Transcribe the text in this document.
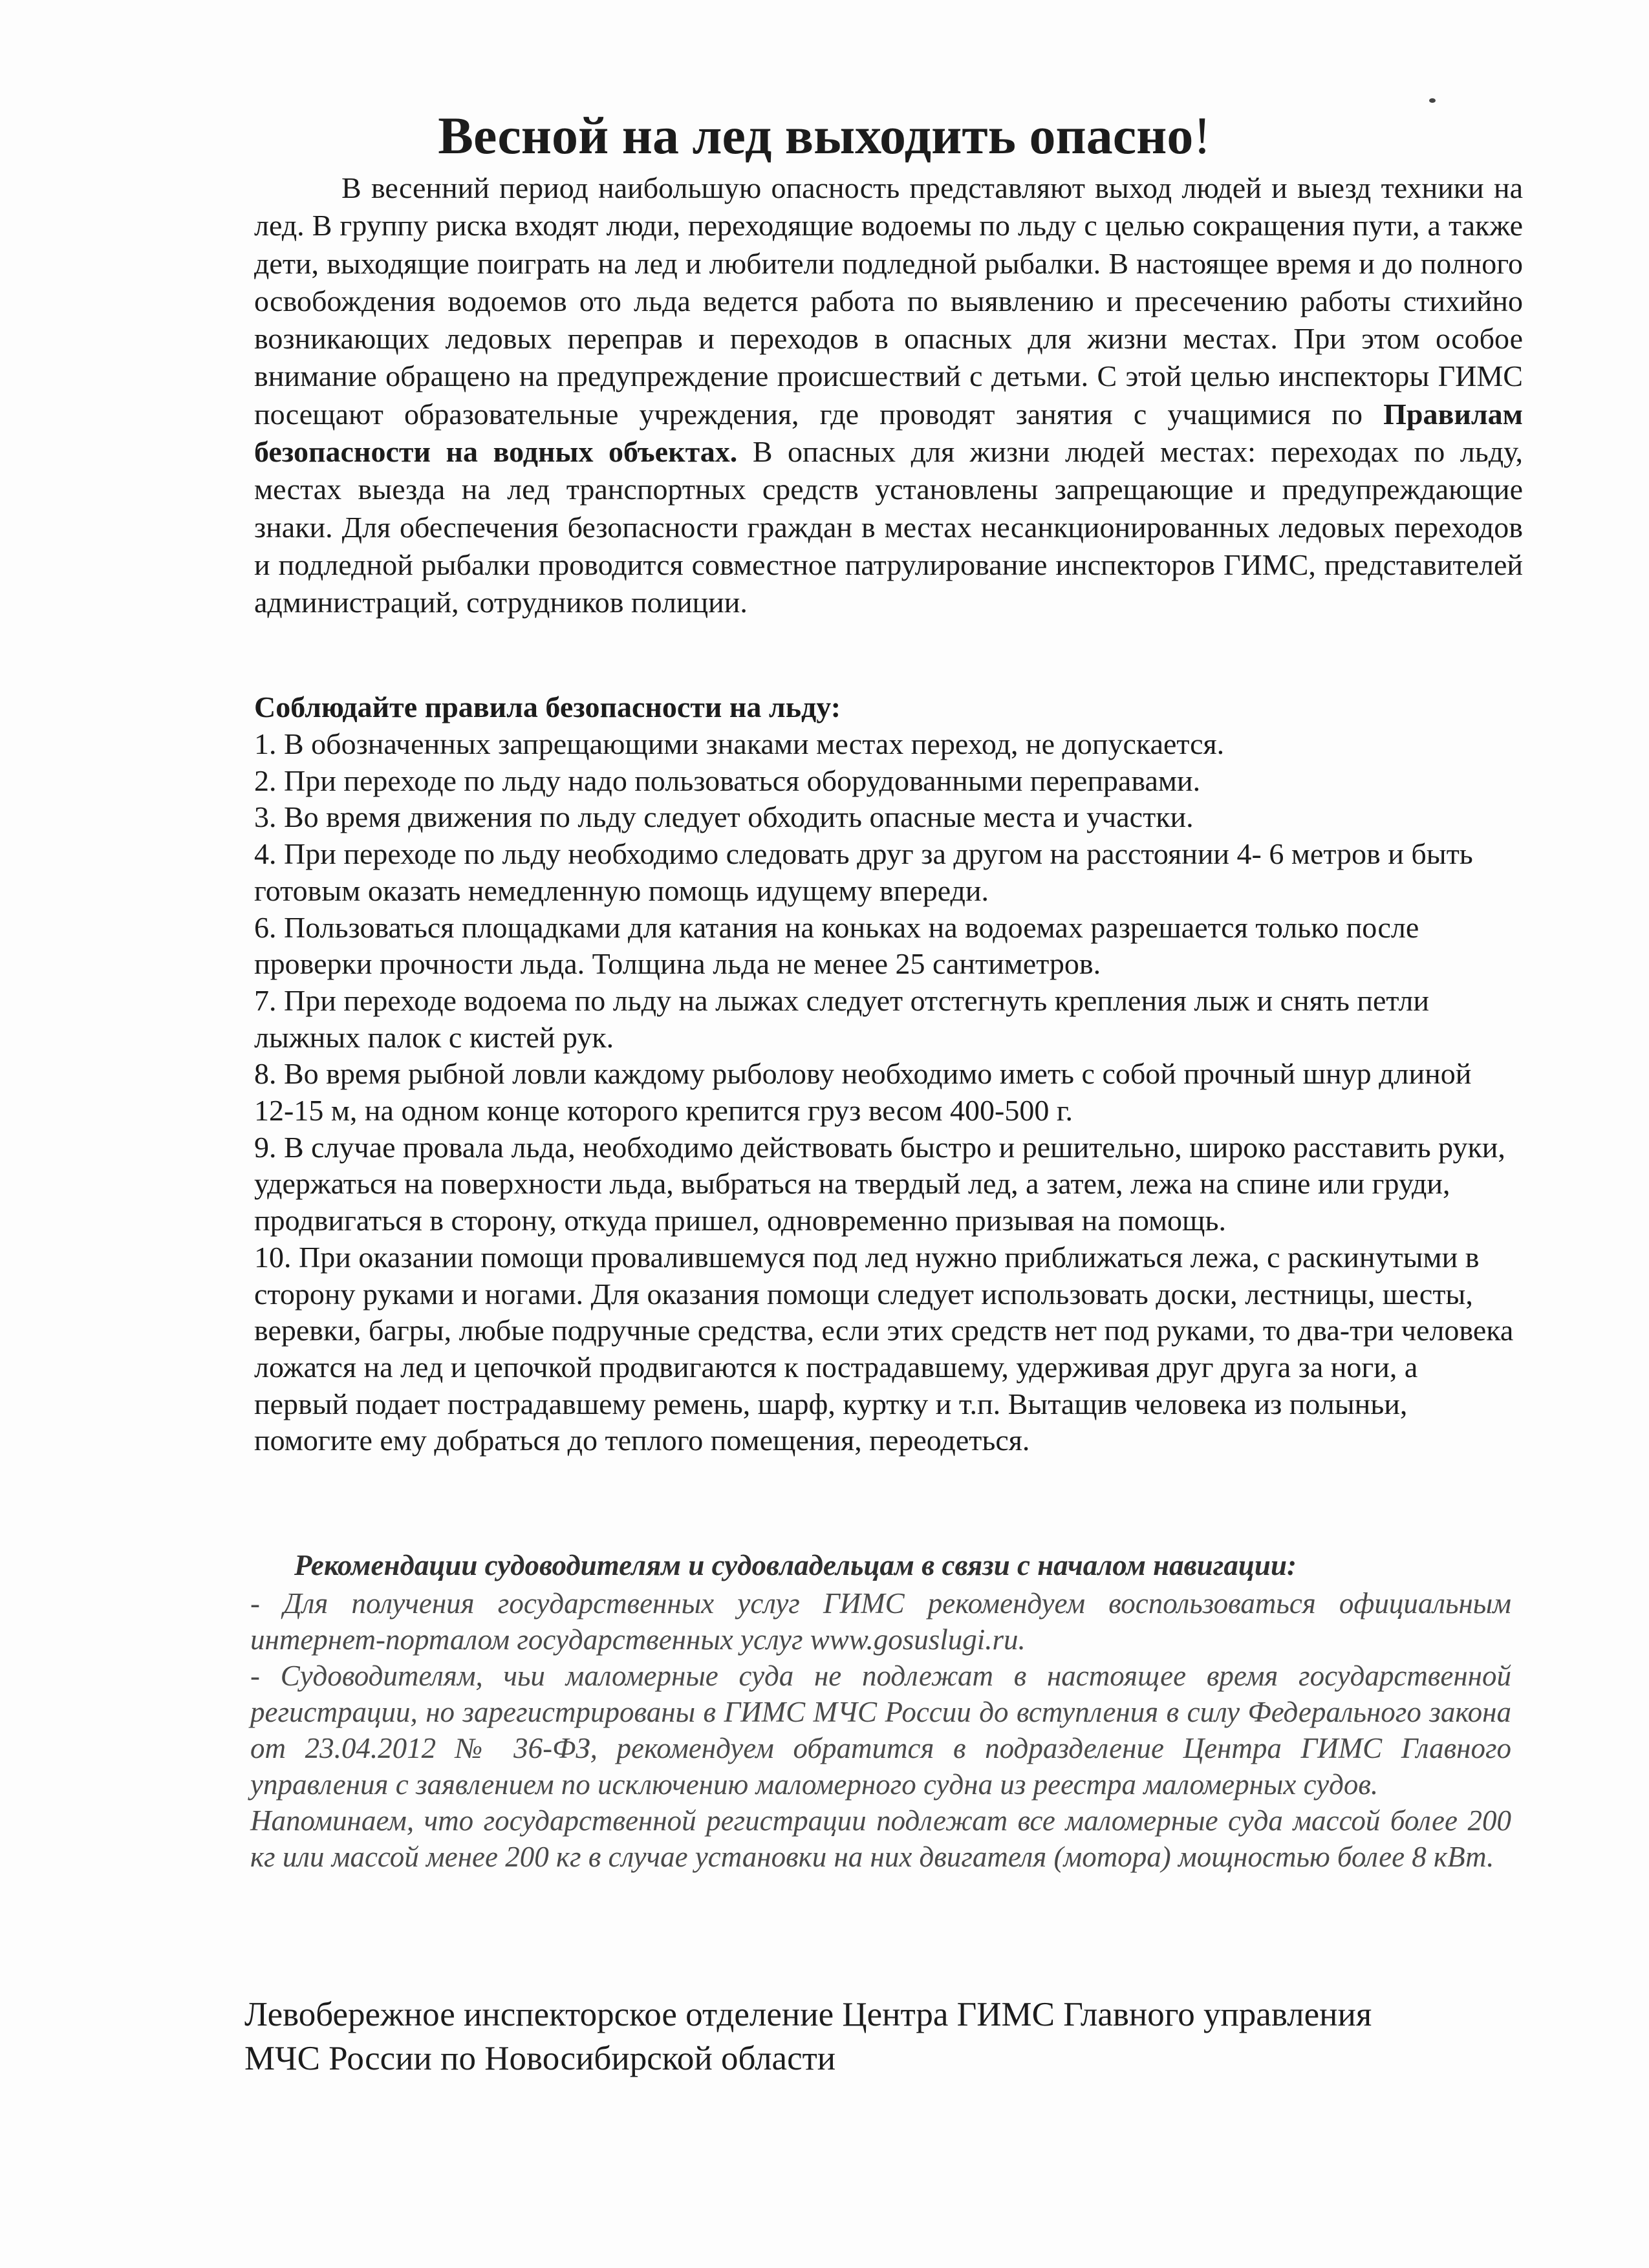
Весной на лед выходить опасно!

В весенний период наибольшую опасность представляют выход людей и выезд техники на лед. В группу риска входят люди, переходящие водоемы по льду с целью сокращения пути, а также дети, выходящие поиграть на лед и любители подледной рыбалки. В настоящее время и до полного освобождения водоемов ото льда ведется работа по выявлению и пресечению работы стихийно возникающих ледовых переправ и переходов в опасных для жизни местах. При этом особое внимание обращено на предупреждение происшествий с детьми. С этой целью инспекторы ГИМС посещают образовательные учреждения, где проводят занятия с учащимися по Правилам безопасности на водных объектах. В опасных для жизни людей местах: переходах по льду, местах выезда на лед транспортных средств установлены запрещающие и предупреждающие знаки. Для обеспечения безопасности граждан в местах несанкционированных ледовых переходов и подледной рыбалки проводится совместное патрулирование инспекторов ГИМС, представителей администраций, сотрудников полиции.

Соблюдайте правила безопасности на льду:

1. В обозначенных запрещающими знаками местах переход, не допускается.
2. При переходе по льду надо пользоваться оборудованными переправами.
3. Во время движения по льду следует обходить опасные места и участки.
4. При переходе по льду необходимо следовать друг за другом на расстоянии 4- 6 метров и быть готовым оказать немедленную помощь идущему впереди.
6. Пользоваться площадками для катания на коньках на водоемах разрешается только после проверки прочности льда. Толщина льда не менее 25 сантиметров.
7. При переходе водоема по льду на лыжах следует отстегнуть крепления лыж и снять петли лыжных палок с кистей рук.
8. Во время рыбной ловли каждому рыболову необходимо иметь с собой прочный шнур длиной 12-15 м, на одном конце которого крепится груз весом 400-500 г.
9. В случае провала льда, необходимо действовать быстро и решительно, широко расставить руки, удержаться на поверхности льда, выбраться на твердый лед, а затем, лежа на спине или груди, продвигаться в сторону, откуда пришел, одновременно призывая на помощь.
10. При оказании помощи провалившемуся под лед нужно приближаться лежа, с раскинутыми в сторону руками и ногами. Для оказания помощи следует использовать доски, лестницы, шесты, веревки, багры, любые подручные средства, если этих средств нет под руками, то два-три человека ложатся на лед и цепочкой продвигаются к пострадавшему, удерживая друг друга за ноги, а первый подает пострадавшему ремень, шарф, куртку и т.п. Вытащив человека из полыньи, помогите ему добраться до теплого помещения, переодеться.

Рекомендации судоводителям и судовладельцам в связи с началом навигации:

- Для получения государственных услуг ГИМС рекомендуем воспользоваться официальным интернет-порталом государственных услуг www.gosuslugi.ru.

- Судоводителям, чьи маломерные суда не подлежат в настоящее время государственной регистрации, но зарегистрированы в ГИМС МЧС России до вступления в силу Федерального закона от 23.04.2012 № 36-ФЗ, рекомендуем обратится в подразделение Центра ГИМС Главного управления с заявлением по исключению маломерного судна из реестра маломерных судов.

Напоминаем, что государственной регистрации подлежат все маломерные суда массой более 200 кг или массой менее 200 кг в случае установки на них двигателя (мотора) мощностью более 8 кВт.

Левобережное инспекторское отделение Центра ГИМС Главного управления
МЧС России по Новосибирской области
